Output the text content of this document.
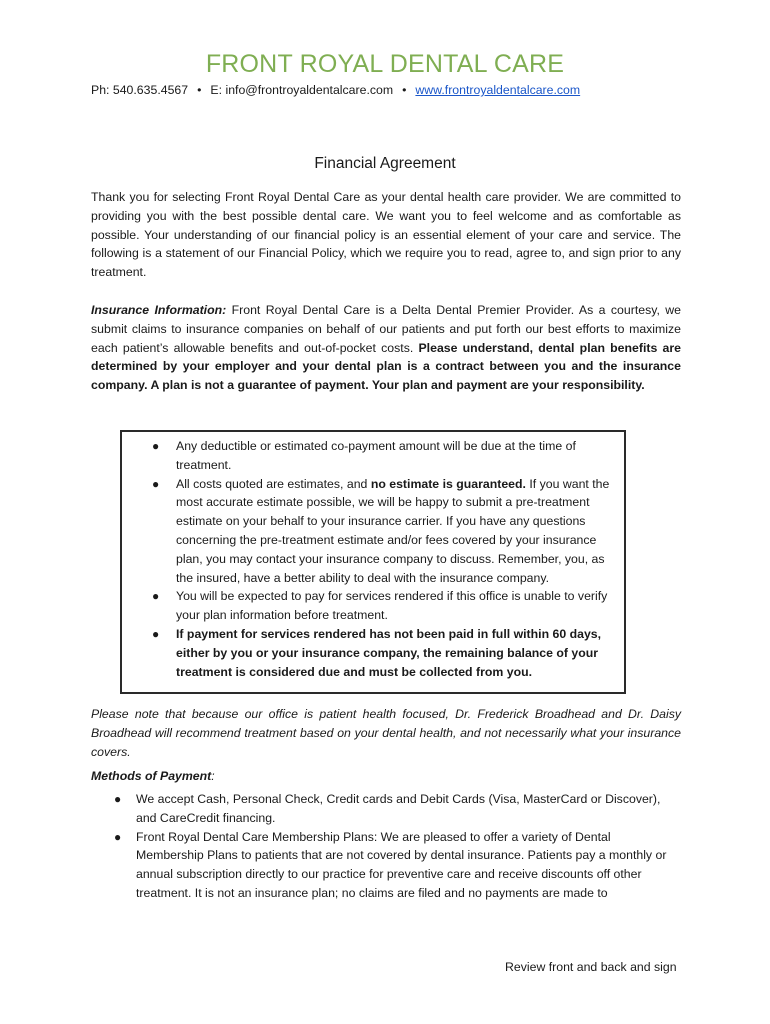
FRONT ROYAL DENTAL CARE
Ph: 540.635.4567 • E: info@frontroyaldentalcare.com • www.frontroyaldentalcare.com
Financial Agreement
Thank you for selecting Front Royal Dental Care as your dental health care provider. We are committed to providing you with the best possible dental care. We want you to feel welcome and as comfortable as possible. Your understanding of our financial policy is an essential element of your care and service. The following is a statement of our Financial Policy, which we require you to read, agree to, and sign prior to any treatment.
Insurance Information: Front Royal Dental Care is a Delta Dental Premier Provider. As a courtesy, we submit claims to insurance companies on behalf of our patients and put forth our best efforts to maximize each patient’s allowable benefits and out-of-pocket costs. Please understand, dental plan benefits are determined by your employer and your dental plan is a contract between you and the insurance company. A plan is not a guarantee of payment. Your plan and payment are your responsibility.
● Any deductible or estimated co-payment amount will be due at the time of treatment.
● All costs quoted are estimates, and no estimate is guaranteed. If you want the most accurate estimate possible, we will be happy to submit a pre-treatment estimate on your behalf to your insurance carrier. If you have any questions concerning the pre-treatment estimate and/or fees covered by your insurance plan, you may contact your insurance company to discuss. Remember, you, as the insured, have a better ability to deal with the insurance company.
● You will be expected to pay for services rendered if this office is unable to verify your plan information before treatment.
● If payment for services rendered has not been paid in full within 60 days, either by you or your insurance company, the remaining balance of your treatment is considered due and must be collected from you.
Please note that because our office is patient health focused, Dr. Frederick Broadhead and Dr. Daisy Broadhead will recommend treatment based on your dental health, and not necessarily what your insurance covers.
Methods of Payment:
● We accept Cash, Personal Check, Credit cards and Debit Cards (Visa, MasterCard or Discover), and CareCredit financing.
● Front Royal Dental Care Membership Plans: We are pleased to offer a variety of Dental Membership Plans to patients that are not covered by dental insurance. Patients pay a monthly or annual subscription directly to our practice for preventive care and receive discounts off other treatment. It is not an insurance plan; no claims are filed and no payments are made to
Review front and back and sign
